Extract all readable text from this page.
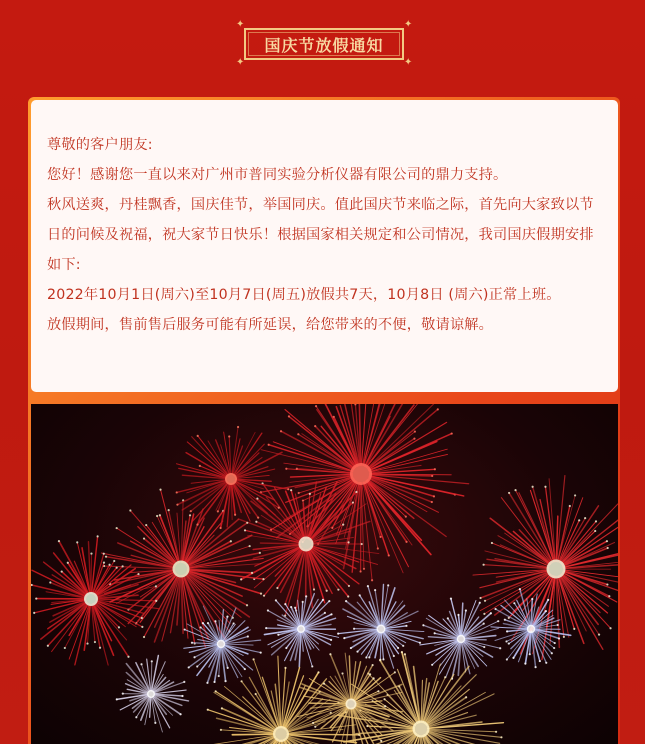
✦	✦
✦	✦
国庆节放假通知

尊敬的客户朋友:

您好！感谢您一直以来对广州市普同实验分析仪器有限公司的鼎力支持。

秋风送爽，丹桂飘香，国庆佳节，举国同庆。值此国庆节来临之际，首先向大家致以节日的问候及祝福，祝大家节日快乐！根据国家相关规定和公司情况，我司国庆假期安排如下:

2022年10月1日(周六)至10月7日(周五)放假共7天，10月8日 (周六)正常上班。

放假期间，售前售后服务可能有所延误，给您带来的不便，敬请谅解。
